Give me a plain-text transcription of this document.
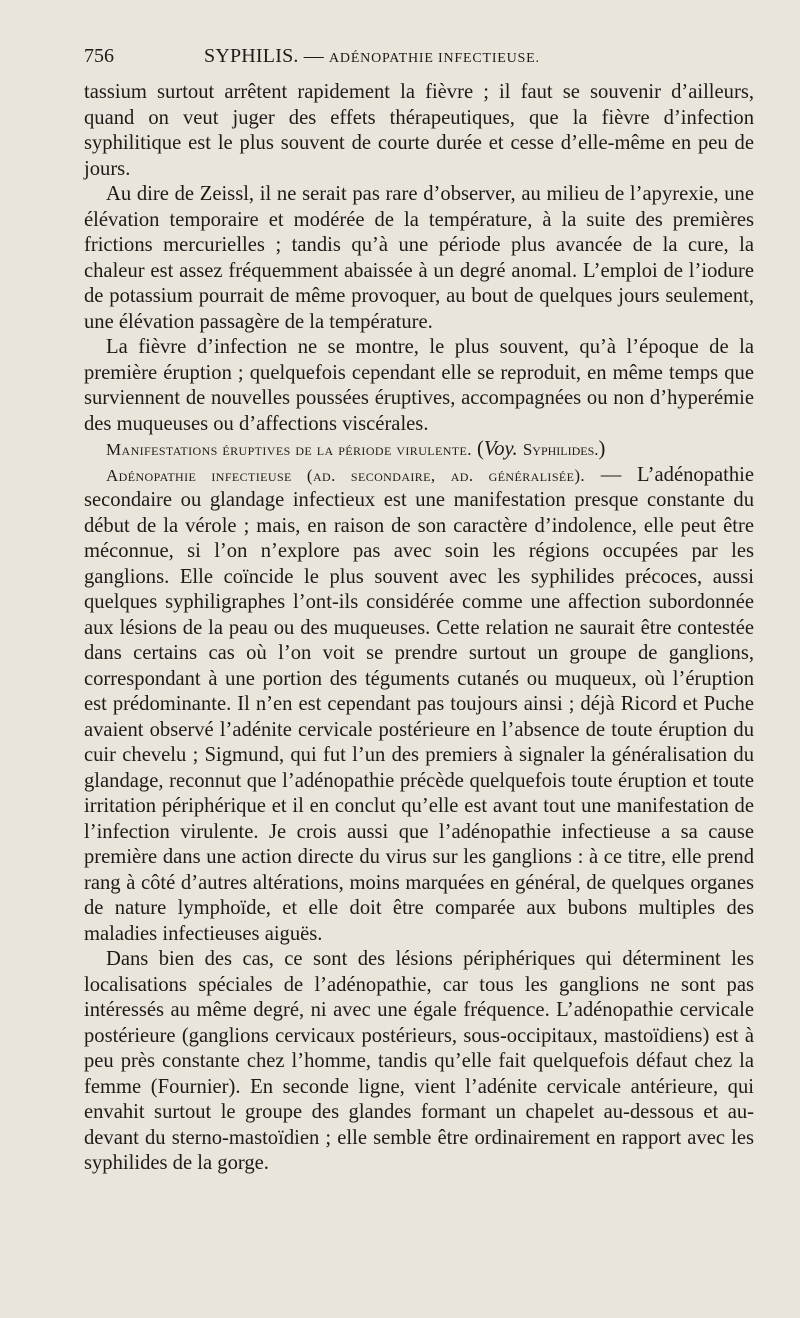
756	SYPHILIS. —
ADÉNOPATHIE INFECTIEUSE.

tassium surtout arrêtent rapidement la fièvre ; il faut se souvenir d’ailleurs, quand on veut juger des effets thérapeutiques, que la fièvre d’infection syphilitique est le plus souvent de courte durée et cesse d’elle-même en peu de jours.

Au dire de Zeissl, il ne serait pas rare d’observer, au milieu de l’apyrexie, une élévation temporaire et modérée de la température, à la suite des premières frictions mercurielles ; tandis qu’à une période plus avancée de la cure, la chaleur est assez fréquemment abaissée à un degré anomal. L’emploi de l’iodure de potassium pourrait de même provoquer, au bout de quelques jours seulement, une élévation passagère de la température.

La fièvre d’infection ne se montre, le plus souvent, qu’à l’époque de la première éruption ; quelquefois cependant elle se reproduit, en même temps que surviennent de nouvelles poussées éruptives, accompagnées ou non d’hyperémie des muqueuses ou d’affections viscérales.

Manifestations éruptives de la période virulente. (Voy. Syphilides.)

Adénopathie infectieuse (ad. secondaire, ad. généralisée). — L’adénopathie secondaire ou glandage infectieux est une manifestation presque constante du début de la vérole ; mais, en raison de son caractère d’indolence, elle peut être méconnue, si l’on n’explore pas avec soin les régions occupées par les ganglions. Elle coïncide le plus souvent avec les syphilides précoces, aussi quelques syphiligraphes l’ont-ils considérée comme une affection subordonnée aux lésions de la peau ou des muqueuses. Cette relation ne saurait être contestée dans certains cas où l’on voit se prendre surtout un groupe de ganglions, correspondant à une portion des téguments cutanés ou muqueux, où l’éruption est prédominante. Il n’en est cependant pas toujours ainsi ; déjà Ricord et Puche avaient observé l’adénite cervicale postérieure en l’absence de toute éruption du cuir chevelu ; Sigmund, qui fut l’un des premiers à signaler la généralisation du glandage, reconnut que l’adénopathie précède quelquefois toute éruption et toute irritation périphérique et il en conclut qu’elle est avant tout une manifestation de l’infection virulente. Je crois aussi que l’adénopathie infectieuse a sa cause première dans une action directe du virus sur les ganglions : à ce titre, elle prend rang à côté d’autres altérations, moins marquées en général, de quelques organes de nature lymphoïde, et elle doit être comparée aux bubons multiples des maladies infectieuses aiguës.

Dans bien des cas, ce sont des lésions périphériques qui déterminent les localisations spéciales de l’adénopathie, car tous les ganglions ne sont pas intéressés au même degré, ni avec une égale fréquence. L’adénopathie cervicale postérieure (ganglions cervicaux postérieurs, sous-occipitaux, mastoïdiens) est à peu près constante chez l’homme, tandis qu’elle fait quelquefois défaut chez la femme (Fournier). En seconde ligne, vient l’adénite cervicale antérieure, qui envahit surtout le groupe des glandes formant un chapelet au-dessous et au-devant du sterno-mastoïdien ; elle semble être ordinairement en rapport avec les syphilides de la gorge.
